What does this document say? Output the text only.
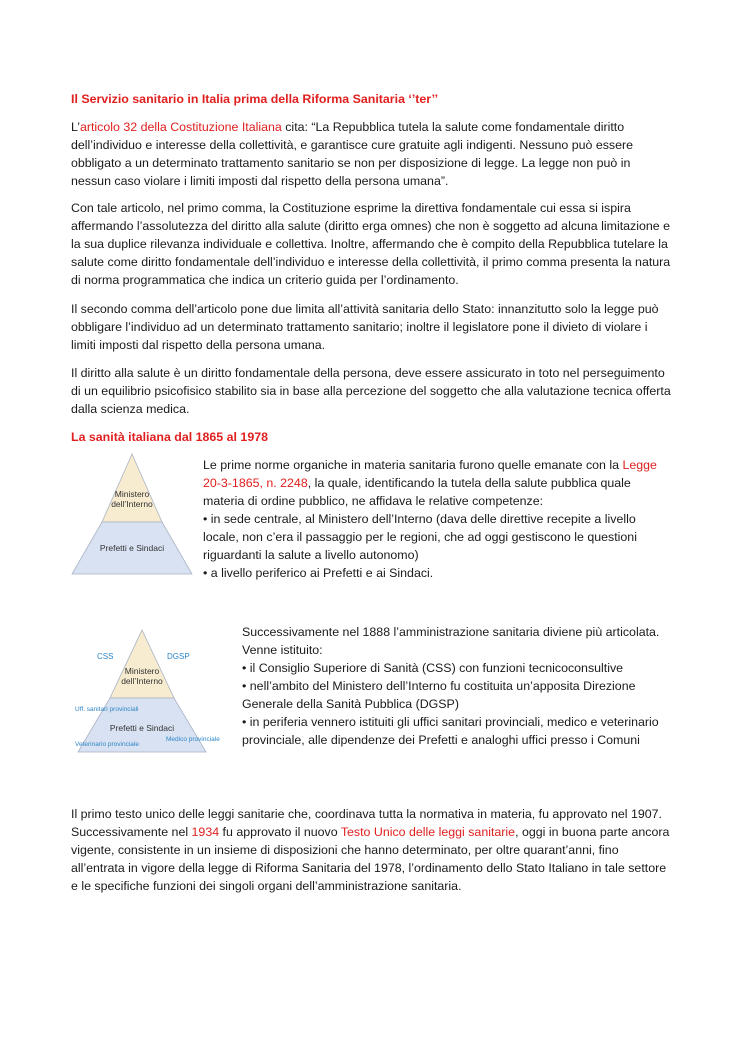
Il Servizio sanitario in Italia prima della Riforma Sanitaria ‘’ter’’

L’articolo 32 della Costituzione Italiana cita: “La Repubblica tutela la salute come fondamentale diritto dell’individuo e interesse della collettività, e garantisce cure gratuite agli indigenti. Nessuno può essere obbligato a un determinato trattamento sanitario se non per disposizione di legge. La legge non può in nessun caso violare i limiti imposti dal rispetto della persona umana”.

Con tale articolo, nel primo comma, la Costituzione esprime la direttiva fondamentale cui essa si ispira affermando l’assolutezza del diritto alla salute (diritto erga omnes) che non è soggetto ad alcuna limitazione e la sua duplice rilevanza individuale e collettiva. Inoltre, affermando che è compito della Repubblica tutelare la salute come diritto fondamentale dell’individuo e interesse della collettività, il primo comma presenta la natura di norma programmatica che indica un criterio guida per l’ordinamento.

Il secondo comma dell’articolo pone due limita all’attività sanitaria dello Stato: innanzitutto solo la legge può obbligare l’individuo ad un determinato trattamento sanitario; inoltre il legislatore pone il divieto di violare i limiti imposti dal rispetto della persona umana.

Il diritto alla salute è un diritto fondamentale della persona, deve essere assicurato in toto nel perseguimento di un equilibrio psicofisico stabilito sia in base alla percezione del soggetto che alla valutazione tecnica offerta dalla scienza medica.

La sanità italiana dal 1865 al 1978

Ministero
dell’Interno
Prefetti e Sindaci
Le prime norme organiche in materia sanitaria furono quelle emanate con la Legge 20-3-1865, n. 2248, la quale, identificando la tutela della salute pubblica quale materia di ordine pubblico, ne affidava le relative competenze:
• in sede centrale, al Ministero dell’Interno (dava delle direttive recepite a livello locale, non c’era il passaggio per le regioni, che ad oggi gestiscono le questioni riguardanti la salute a livello autonomo)
• a livello periferico ai Prefetti e ai Sindaci.
CSS	DGSP
Ministero
dell’Interno
Uff. sanitari provinciali
Prefetti e Sindaci
Medico provinciale
Veterinario provinciale
Successivamente nel 1888 l’amministrazione sanitaria diviene più articolata. Venne istituito:
• il Consiglio Superiore di Sanità (CSS) con funzioni tecnicoconsultive
• nell’ambito del Ministero dell’Interno fu costituita un’apposita Direzione Generale della Sanità Pubblica (DGSP)
• in periferia vennero istituiti gli uffici sanitari provinciali, medico e veterinario provinciale, alle dipendenze dei Prefetti e analoghi uffici presso i Comuni

Il primo testo unico delle leggi sanitarie che, coordinava tutta la normativa in materia, fu approvato nel 1907. Successivamente nel 1934 fu approvato il nuovo Testo Unico delle leggi sanitarie, oggi in buona parte ancora vigente, consistente in un insieme di disposizioni che hanno determinato, per oltre quarant’anni, fino all’entrata in vigore della legge di Riforma Sanitaria del 1978, l’ordinamento dello Stato Italiano in tale settore e le specifiche funzioni dei singoli organi dell’amministrazione sanitaria.
